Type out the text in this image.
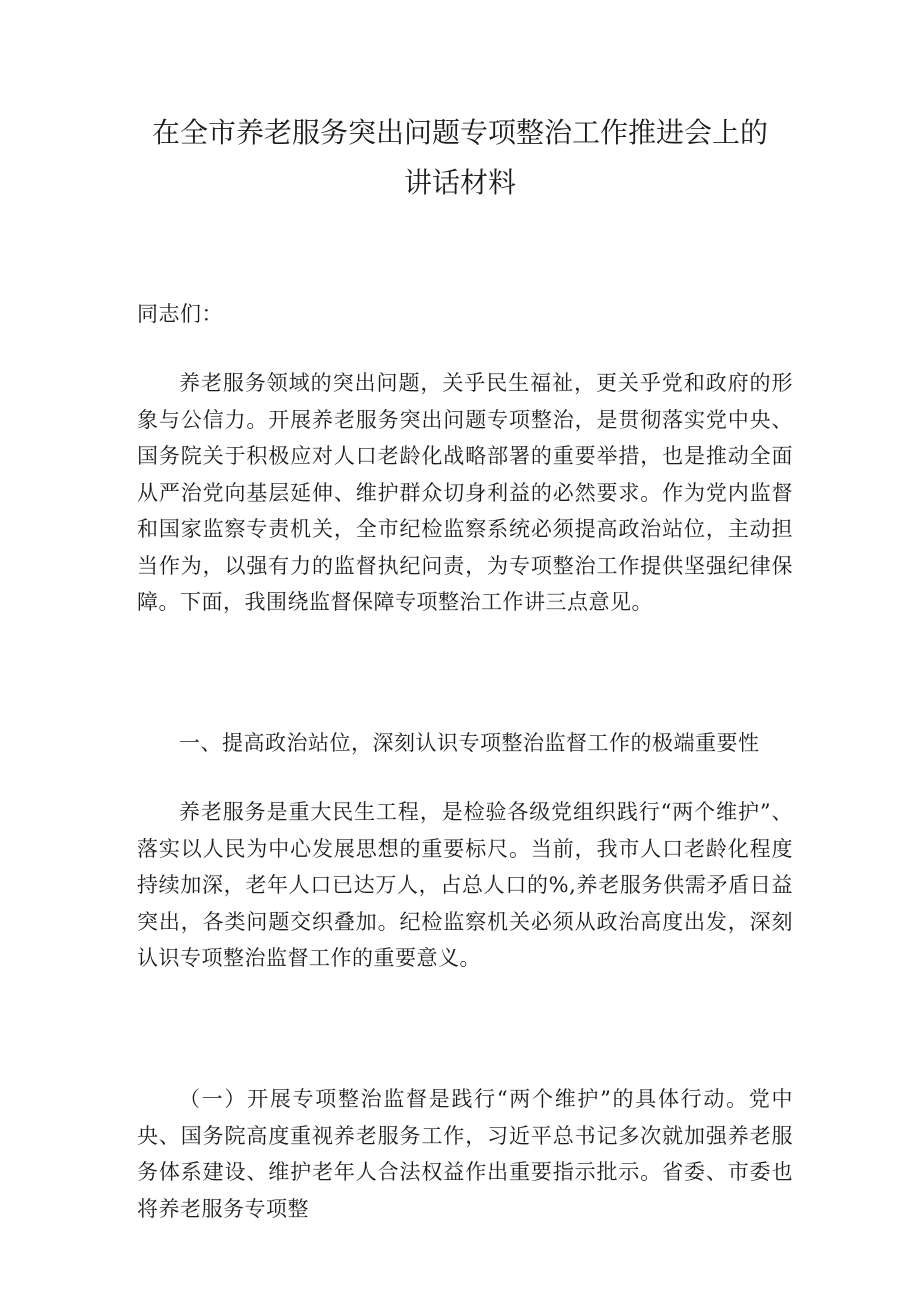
在全市养老服务突出问题专项整治工作推进会上的讲话材料

同志们：

养老服务领域的突出问题，关乎民生福祉，更关乎党和政府的形象与公信力。开展养老服务突出问题专项整治，是贯彻落实党中央、国务院关于积极应对人口老龄化战略部署的重要举措，也是推动全面从严治党向基层延伸、维护群众切身利益的必然要求。作为党内监督和国家监察专责机关，全市纪检监察系统必须提高政治站位，主动担当作为，以强有力的监督执纪问责，为专项整治工作提供坚强纪律保障。下面，我围绕监督保障专项整治工作讲三点意见。

一、提高政治站位，深刻认识专项整治监督工作的极端重要性

养老服务是重大民生工程，是检验各级党组织践行“两个维护”、落实以人民为中心发展思想的重要标尺。当前，我市人口老龄化程度持续加深，老年人口已达万人，占总人口的%,养老服务供需矛盾日益突出，各类问题交织叠加。纪检监察机关必须从政治高度出发，深刻认识专项整治监督工作的重要意义。

（一）开展专项整治监督是践行“两个维护”的具体行动。党中央、国务院高度重视养老服务工作，习近平总书记多次就加强养老服务体系建设、维护老年人合法权益作出重要指示批示。省委、市委也将养老服务专项整
